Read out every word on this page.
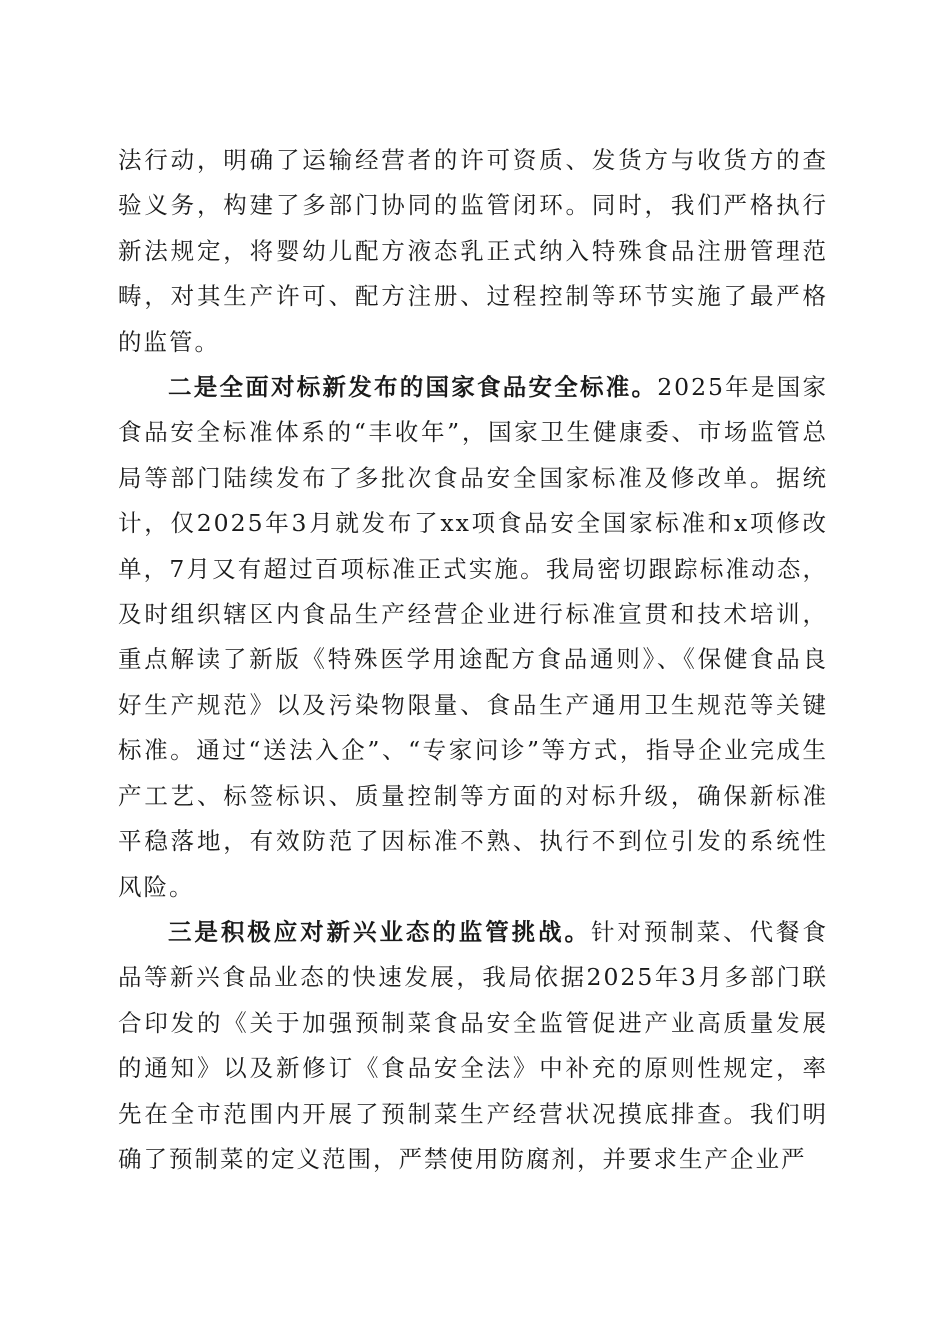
法行动，明确了运输经营者的许可资质、发货方与收货方的查验义务，构建了多部门协同的监管闭环。同时，我们严格执行新法规定，将婴幼儿配方液态乳正式纳入特殊食品注册管理范畴，对其生产许可、配方注册、过程控制等环节实施了最严格的监管。

二是全面对标新发布的国家食品安全标准。2025年是国家食品安全标准体系的“丰收年”，国家卫生健康委、市场监管总局等部门陆续发布了多批次食品安全国家标准及修改单。据统计，仅2025年3月就发布了xx项食品安全国家标准和x项修改单，7月又有超过百项标准正式实施。我局密切跟踪标准动态，及时组织辖区内食品生产经营企业进行标准宣贯和技术培训，重点解读了新版《特殊医学用途配方食品通则》、《保健食品良好生产规范》以及污染物限量、食品生产通用卫生规范等关键标准。通过“送法入企”、“专家问诊”等方式，指导企业完成生产工艺、标签标识、质量控制等方面的对标升级，确保新标准平稳落地，有效防范了因标准不熟、执行不到位引发的系统性风险。

三是积极应对新兴业态的监管挑战。针对预制菜、代餐食品等新兴食品业态的快速发展，我局依据2025年3月多部门联合印发的《关于加强预制菜食品安全监管促进产业高质量发展的通知》以及新修订《食品安全法》中补充的原则性规定，率先在全市范围内开展了预制菜生产经营状况摸底排查。我们明确了预制菜的定义范围，严禁使用防腐剂，并要求生产企业严
